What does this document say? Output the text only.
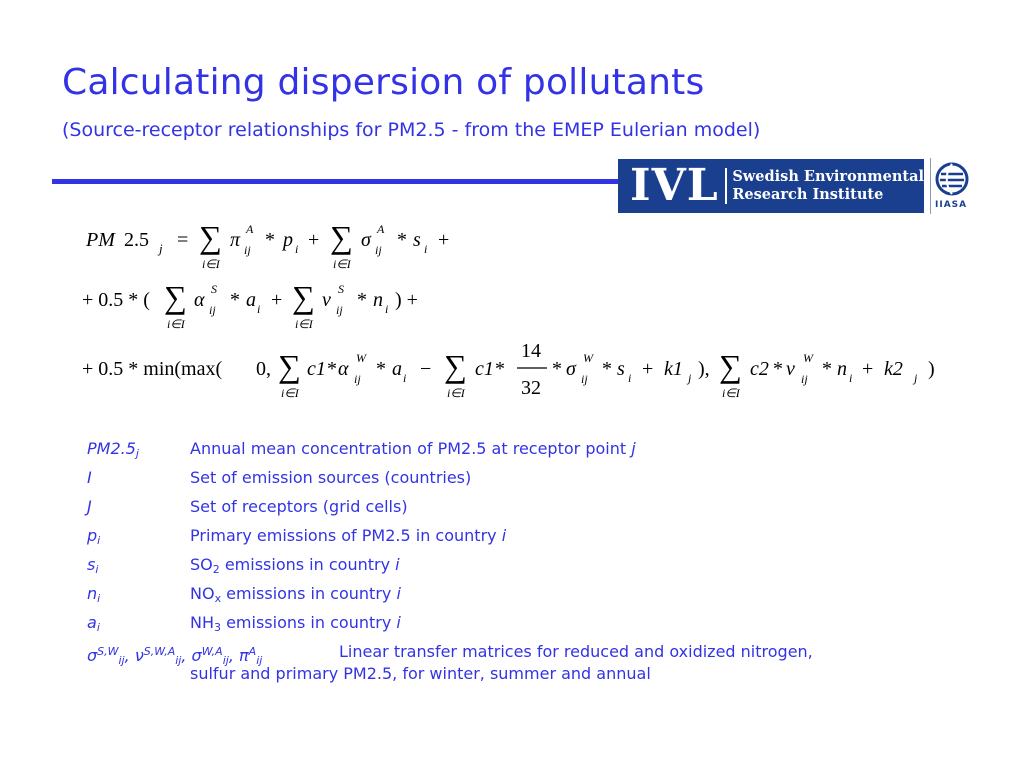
Calculating dispersion of pollutants
(Source-receptor relationships for PM2.5 - from the EMEP Eulerian model)
IVL Swedish Environmental
Research Institute
IIASA
PM 2.5 j = ∑
i∈I
π A
ij * p i + ∑
i∈I
σ A
ij * s i +
+ 0.5 * ( ∑
i∈I
α S
ij * a i + ∑
i∈I
ν S
ij * n i ) +
+ 0.5 * min(max( 0, ∑
i∈I
c1 * α W
ij * a i − ∑
i∈I
c1 *
14
32
* σ W
ij * s i + k1 j ), ∑
i∈I
c2 * ν W
ij * n i + k2 j )
$PM2.5_j$	Annual mean concentration of PM2.5 at receptor point j
I	Set of emission sources (countries)
J	Set of receptors (grid cells)
$p_i$	Primary emissions of PM2.5 in country i
$s_i$	$SO_2$ emissions in country i
$n_i$	$NO_x$ emissions in country i
$a_i$	$NH_3$ emissions in country i
$\sigma^{S,W}_{ij}$, $\nu^{S,W,A}_{ij}$, $\sigma^{W,A}_{ij}$, $\pi^A_{ij}$	Linear transfer matrices for reduced and oxidized nitrogen,
sulfur and primary PM2.5, for winter, summer and annual
